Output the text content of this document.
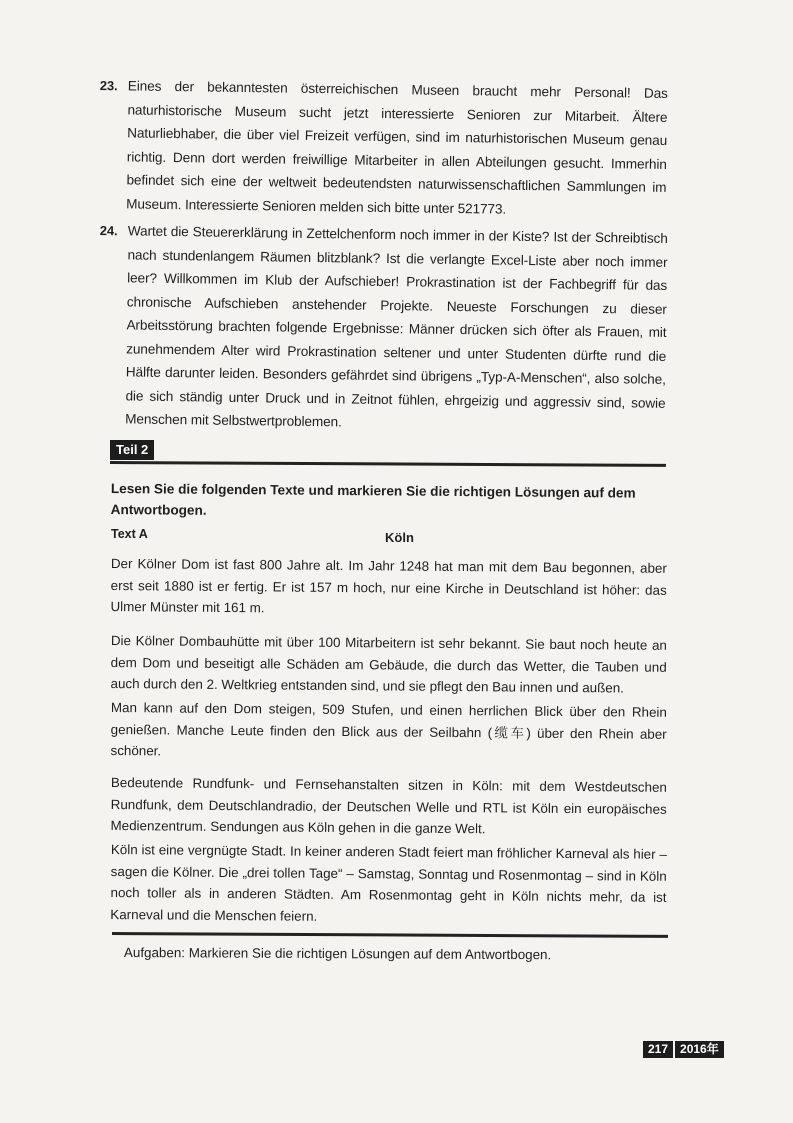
23. Eines der bekanntesten österreichischen Museen braucht mehr Personal! Das naturhistorische Museum sucht jetzt interessierte Senioren zur Mitarbeit. Ältere Naturliebhaber, die über viel Freizeit verfügen, sind im naturhistorischen Museum genau richtig. Denn dort werden freiwillige Mitarbeiter in allen Abteilungen gesucht. Immerhin befindet sich eine der weltweit bedeutendsten naturwissenschaftlichen Sammlungen im Museum. Interessierte Senioren melden sich bitte unter 521773.
24. Wartet die Steuererklärung in Zettelchenform noch immer in der Kiste? Ist der Schreibtisch nach stundenlangem Räumen blitzblank? Ist die verlangte Excel-Liste aber noch immer leer? Willkommen im Klub der Aufschieber! Prokrastination ist der Fachbegriff für das chronische Aufschieben anstehender Projekte. Neueste Forschungen zu dieser Arbeitsstörung brachten folgende Ergebnisse: Männer drücken sich öfter als Frauen, mit zunehmendem Alter wird Prokrastination seltener und unter Studenten dürfte rund die Hälfte darunter leiden. Besonders gefährdet sind übrigens „Typ-A-Menschen“, also solche, die sich ständig unter Druck und in Zeitnot fühlen, ehrgeizig und aggressiv sind, sowie Menschen mit Selbstwertproblemen.
Teil 2
Lesen Sie die folgenden Texte und markieren Sie die richtigen Lösungen auf dem Antwortbogen.
Text A	Köln
Der Kölner Dom ist fast 800 Jahre alt. Im Jahr 1248 hat man mit dem Bau begonnen, aber erst seit 1880 ist er fertig. Er ist 157 m hoch, nur eine Kirche in Deutschland ist höher: das Ulmer Münster mit 161 m.
Die Kölner Dombauhütte mit über 100 Mitarbeitern ist sehr bekannt. Sie baut noch heute an dem Dom und beseitigt alle Schäden am Gebäude, die durch das Wetter, die Tauben und auch durch den 2. Weltkrieg entstanden sind, und sie pflegt den Bau innen und außen.
Man kann auf den Dom steigen, 509 Stufen, und einen herrlichen Blick über den Rhein genießen. Manche Leute finden den Blick aus der Seilbahn (缆车) über den Rhein aber schöner.
Bedeutende Rundfunk- und Fernsehanstalten sitzen in Köln: mit dem Westdeutschen Rundfunk, dem Deutschlandradio, der Deutschen Welle und RTL ist Köln ein europäisches Medienzentrum. Sendungen aus Köln gehen in die ganze Welt.
Köln ist eine vergnügte Stadt. In keiner anderen Stadt feiert man fröhlicher Karneval als hier – sagen die Kölner. Die „drei tollen Tage“ – Samstag, Sonntag und Rosenmontag – sind in Köln noch toller als in anderen Städten. Am Rosenmontag geht in Köln nichts mehr, da ist Karneval und die Menschen feiern.
Aufgaben: Markieren Sie die richtigen Lösungen auf dem Antwortbogen.
217	2016年
